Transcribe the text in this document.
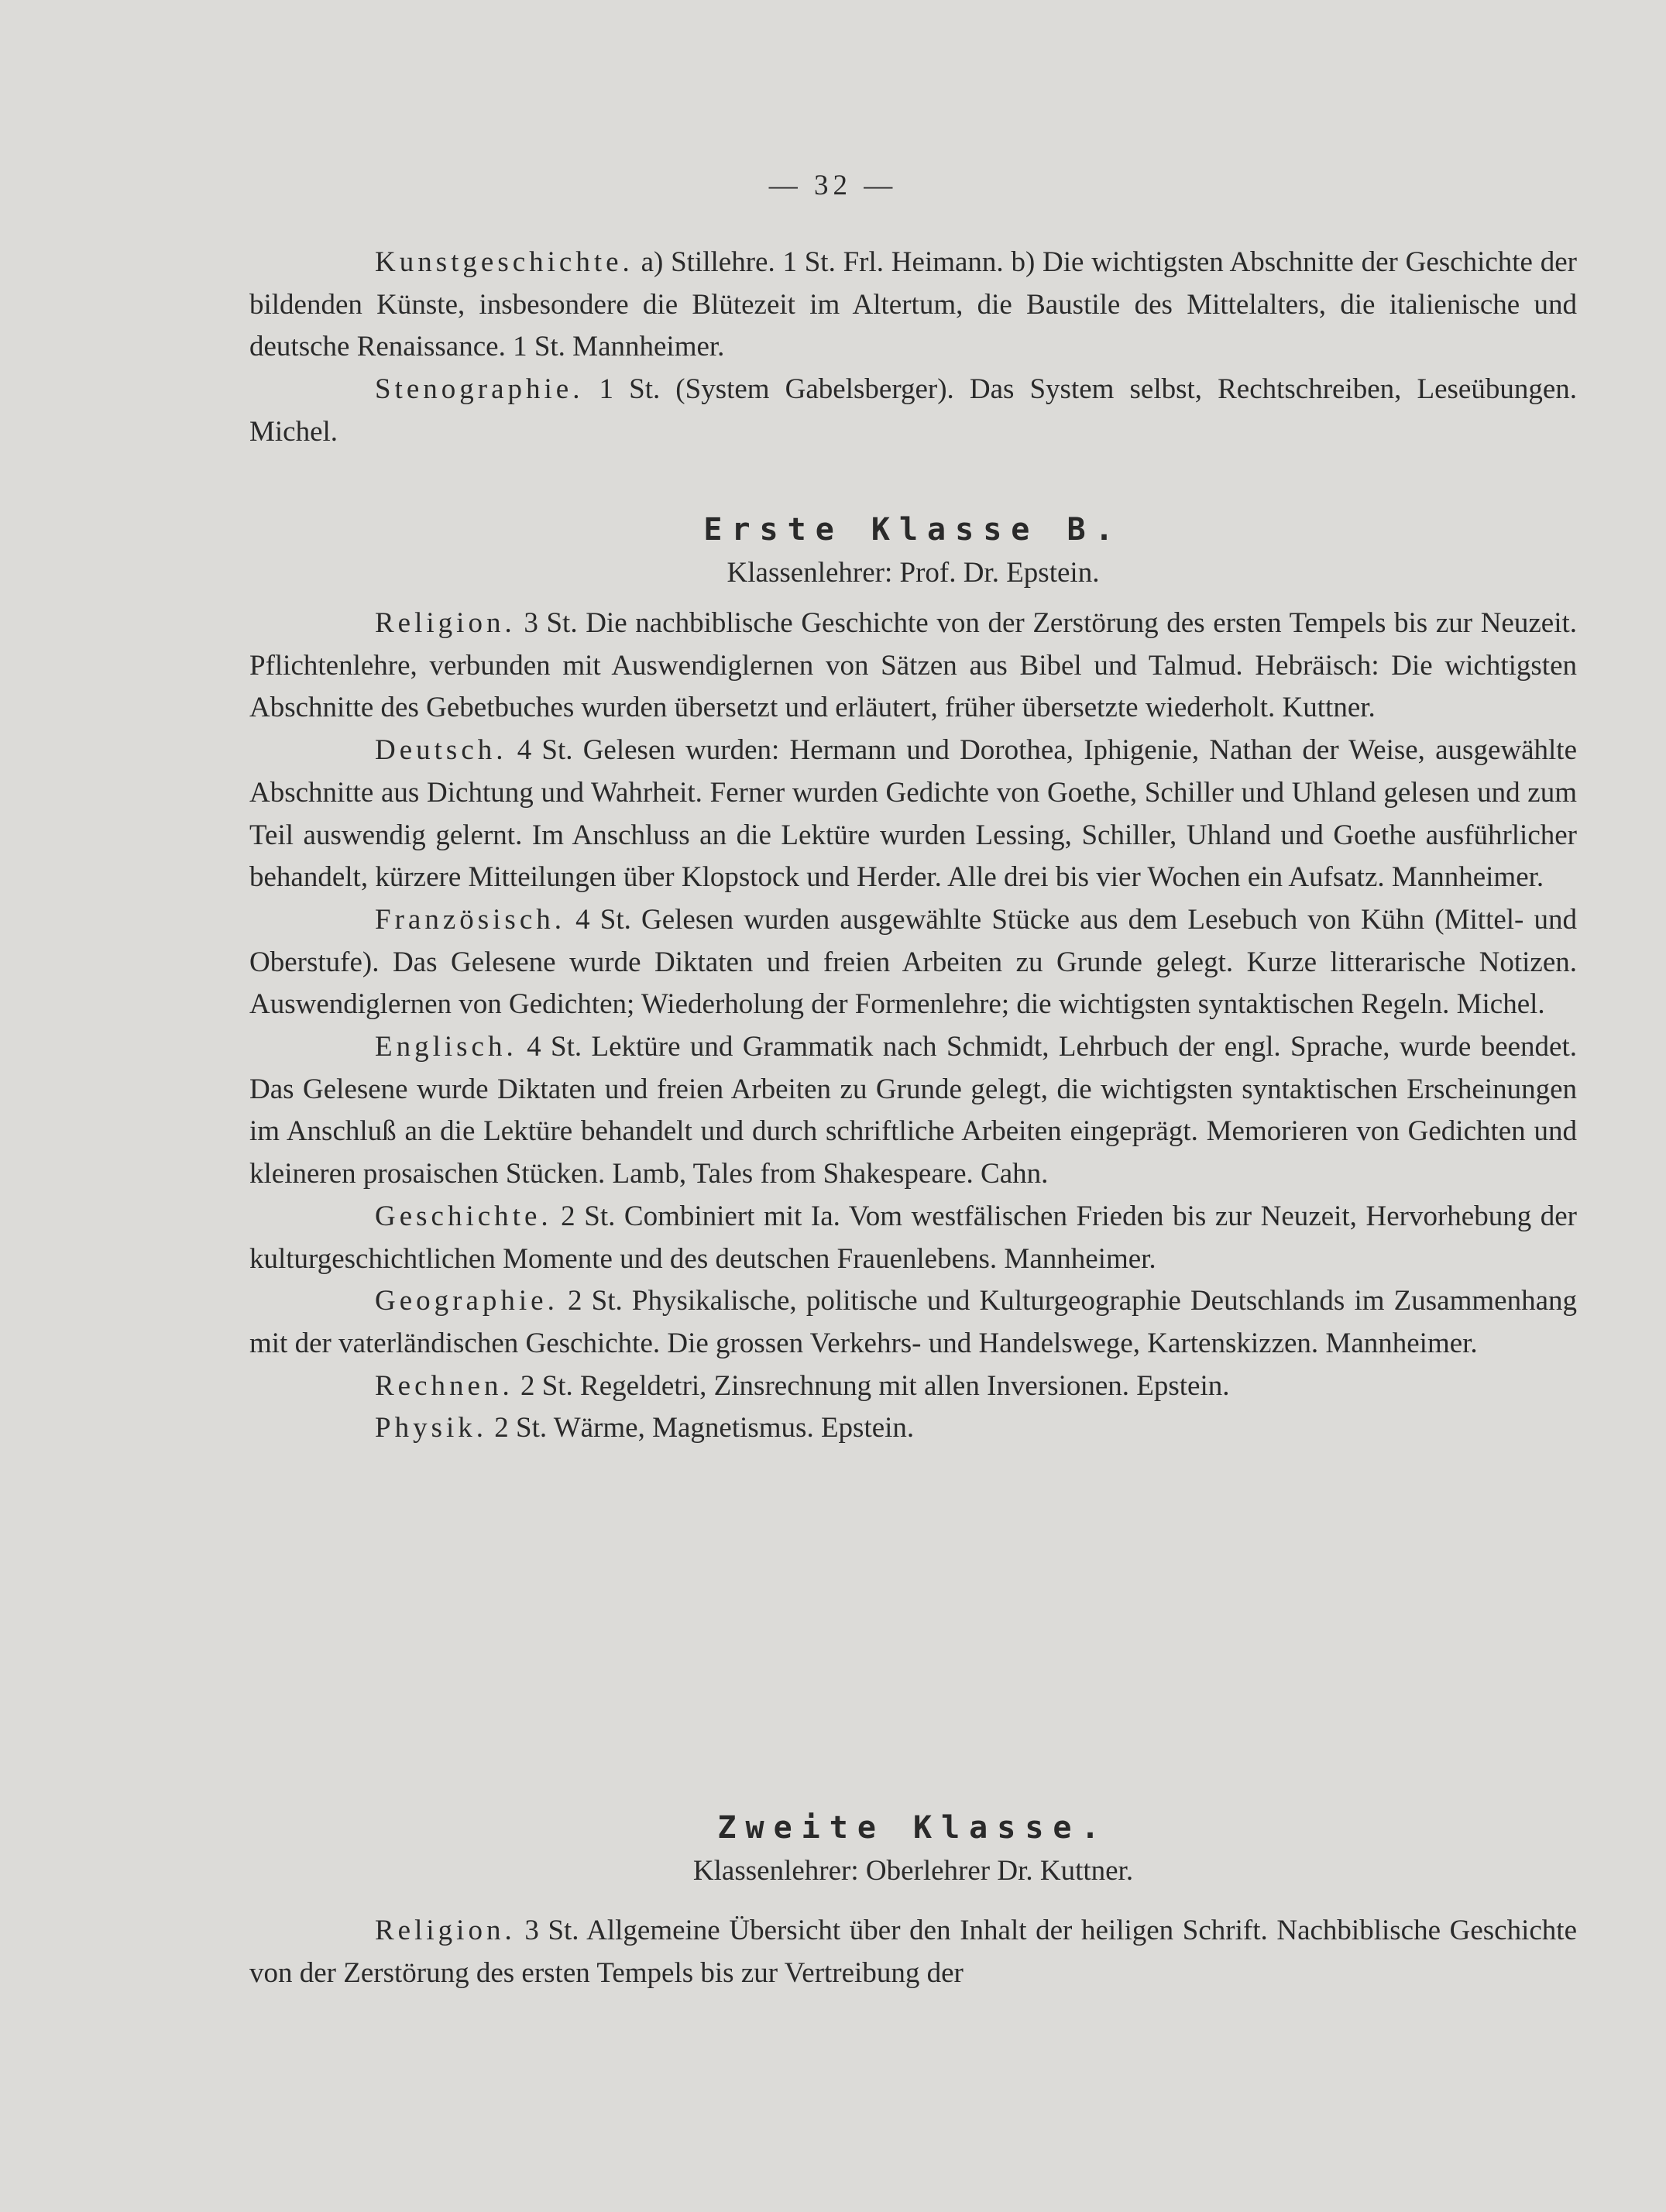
— 32 —

Kunstgeschichte. a) Stillehre. 1 St. Frl. Heimann. b) Die wichtigsten Abschnitte der Geschichte der bildenden Künste, insbesondere die Blütezeit im Altertum, die Baustile des Mittelalters, die italienische und deutsche Renaissance. 1 St. Mannheimer.

Stenographie. 1 St. (System Gabelsberger). Das System selbst, Rechtschreiben, Leseübungen. Michel.

Erste Klasse B.

Klassenlehrer: Prof. Dr. Epstein.

Religion. 3 St. Die nachbiblische Geschichte von der Zerstörung des ersten Tempels bis zur Neuzeit. Pflichtenlehre, verbunden mit Auswendiglernen von Sätzen aus Bibel und Talmud. Hebräisch: Die wichtigsten Abschnitte des Gebetbuches wurden übersetzt und erläutert, früher übersetzte wiederholt. Kuttner.

Deutsch. 4 St. Gelesen wurden: Hermann und Dorothea, Iphigenie, Nathan der Weise, ausgewählte Abschnitte aus Dichtung und Wahrheit. Ferner wurden Gedichte von Goethe, Schiller und Uhland gelesen und zum Teil auswendig gelernt. Im Anschluss an die Lektüre wurden Lessing, Schiller, Uhland und Goethe ausführlicher behandelt, kürzere Mitteilungen über Klopstock und Herder. Alle drei bis vier Wochen ein Aufsatz. Mannheimer.

Französisch. 4 St. Gelesen wurden ausgewählte Stücke aus dem Lesebuch von Kühn (Mittel- und Oberstufe). Das Gelesene wurde Diktaten und freien Arbeiten zu Grunde gelegt. Kurze litterarische Notizen. Auswendiglernen von Gedichten; Wiederholung der Formenlehre; die wichtigsten syntaktischen Regeln. Michel.

Englisch. 4 St. Lektüre und Grammatik nach Schmidt, Lehrbuch der engl. Sprache, wurde beendet. Das Gelesene wurde Diktaten und freien Arbeiten zu Grunde gelegt, die wichtigsten syntaktischen Erscheinungen im Anschluß an die Lektüre behandelt und durch schriftliche Arbeiten eingeprägt. Memorieren von Gedichten und kleineren prosaischen Stücken. Lamb, Tales from Shakespeare. Cahn.

Geschichte. 2 St. Combiniert mit Ia. Vom westfälischen Frieden bis zur Neuzeit, Hervorhebung der kulturgeschichtlichen Momente und des deutschen Frauenlebens. Mannheimer.

Geographie. 2 St. Physikalische, politische und Kulturgeographie Deutschlands im Zusammenhang mit der vaterländischen Geschichte. Die grossen Verkehrs- und Handelswege, Kartenskizzen. Mannheimer.

Rechnen. 2 St. Regeldetri, Zinsrechnung mit allen Inversionen. Epstein.

Physik. 2 St. Wärme, Magnetismus. Epstein.

Zweite Klasse.

Klassenlehrer: Oberlehrer Dr. Kuttner.

Religion. 3 St. Allgemeine Übersicht über den Inhalt der heiligen Schrift. Nachbiblische Geschichte von der Zerstörung des ersten Tempels bis zur Vertreibung der
